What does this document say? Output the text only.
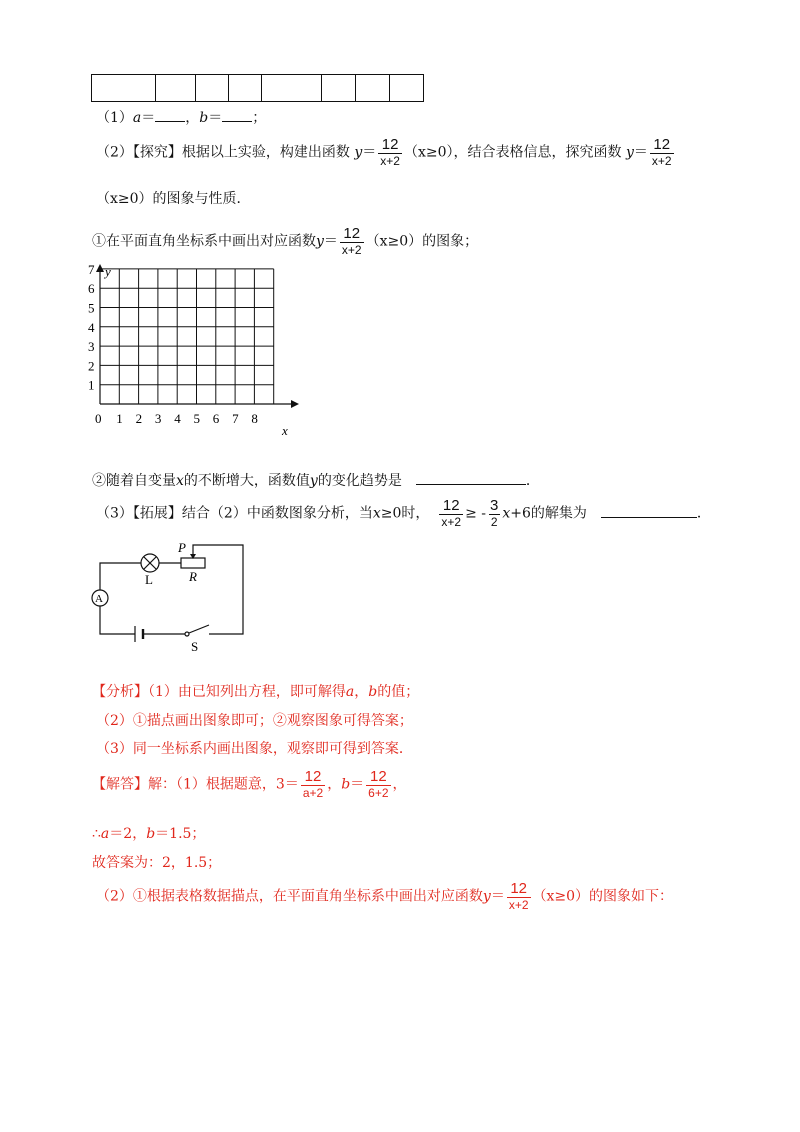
（1）a＝ ，b＝ ；
（2）【探究】根据以上实验，构建出函数 $y= \frac{12}{x+2} (x\ge 0)$，结合表格信息，探究函数 $y= \frac{12}{x+2}$
（x≥0）的图象与性质．
①在平面直角坐标系中画出对应函数$y= \frac{12}{x+2} (x\ge 0)$的图象；
y
x
1
2
3
4
5
6
7
0 1 2 3 4 5 6 7 8
②随着自变量x的不断增大，函数值y的变化趋势是	．
（3）【拓展】结合（2）中函数图象分析，当x≥0时， $\frac{12}{x+2}$ ≥ - $\frac{3}{2} x+6$的解集为	．
P
R
L
A
S
【分析】（1）由已知列出方程，即可解得a，b的值；
（2）①描点画出图象即可；②观察图象可得答案；
（3）同一坐标系内画出图象，观察即可得到答案．
【解答】解：（1）根据题意，$3= \frac{12}{a+2}$ ，$b= \frac{12}{6+2}$ ，
∴a＝2，b＝1.5；
故答案为：2，1.5；
（2）①根据表格数据描点，在平面直角坐标系中画出对应函数$y= \frac{12}{x+2} (x\ge 0)$的图象如下：
